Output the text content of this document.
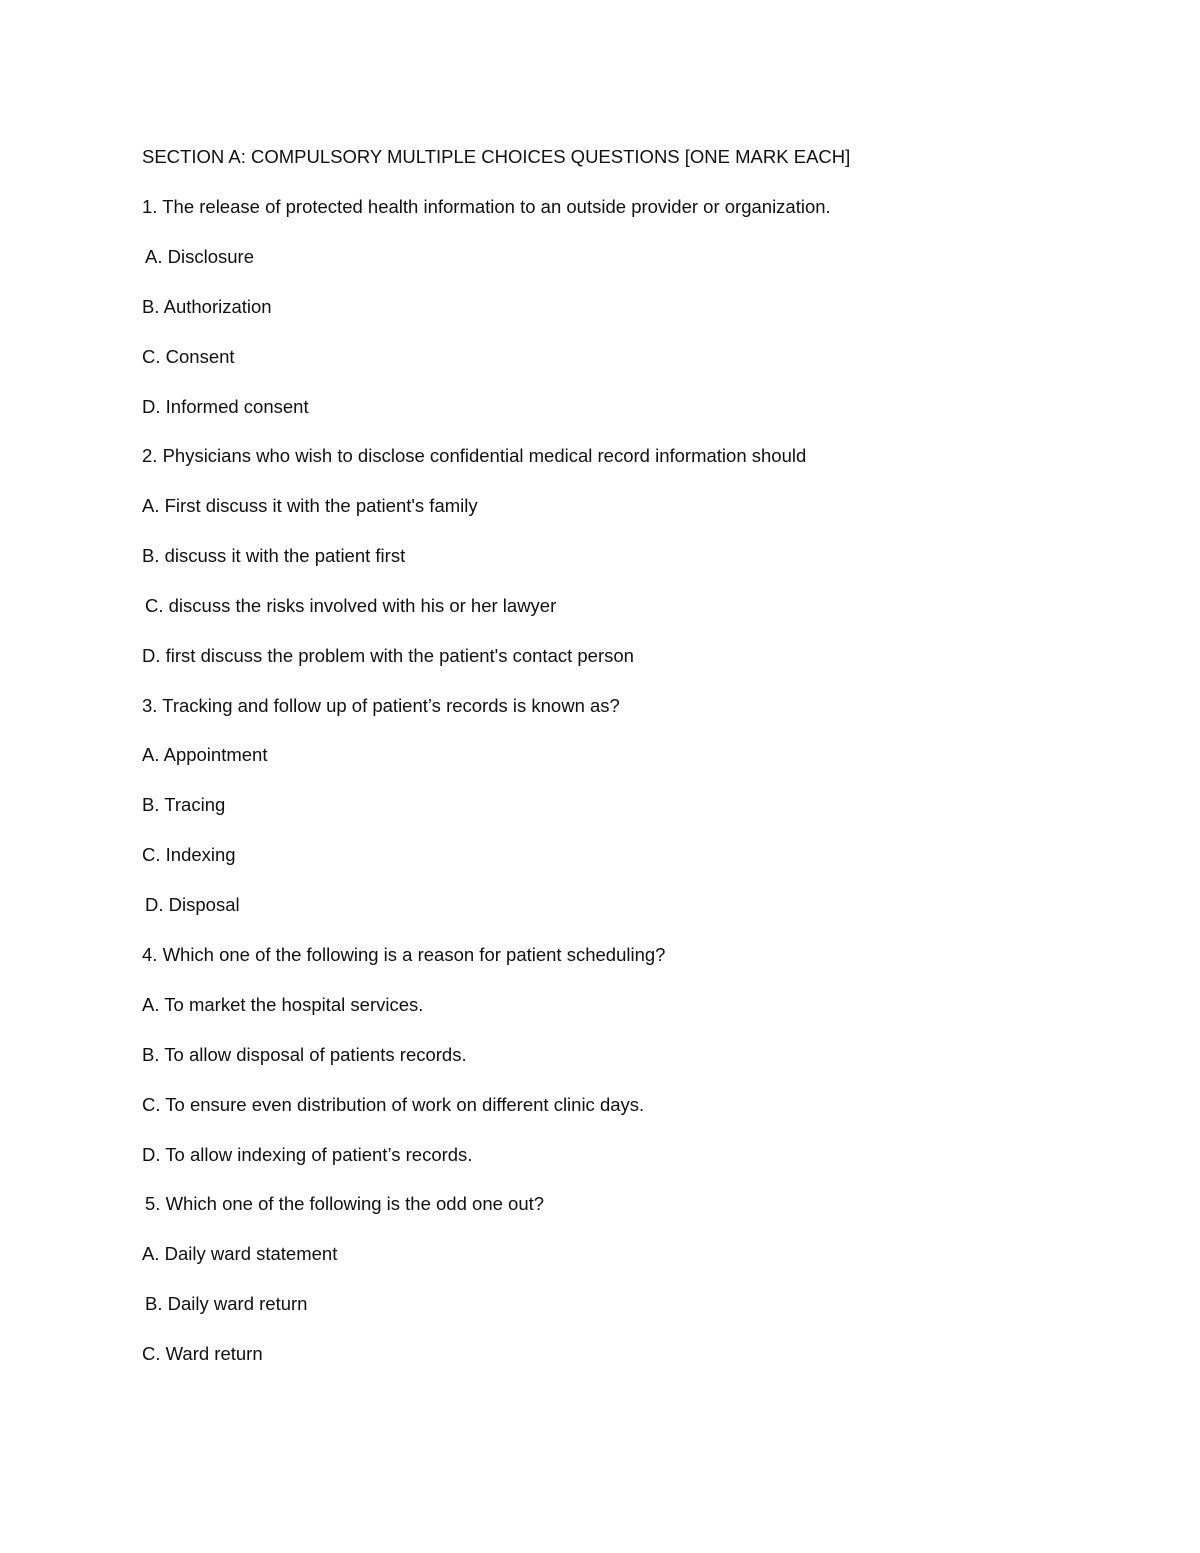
SECTION A: COMPULSORY MULTIPLE CHOICES QUESTIONS [ONE MARK EACH]
1. The release of protected health information to an outside provider or organization.
A. Disclosure
B. Authorization
C. Consent
D. Informed consent
2. Physicians who wish to disclose confidential medical record information should
A. First discuss it with the patient's family
B. discuss it with the patient first
C. discuss the risks involved with his or her lawyer
D. first discuss the problem with the patient's contact person
3. Tracking and follow up of patient’s records is known as?
A. Appointment
B. Tracing
C. Indexing
D. Disposal
4. Which one of the following is a reason for patient scheduling?
A. To market the hospital services.
B. To allow disposal of patients records.
C. To ensure even distribution of work on different clinic days.
D. To allow indexing of patient’s records.
5. Which one of the following is the odd one out?
A. Daily ward statement
B. Daily ward return
C. Ward return
